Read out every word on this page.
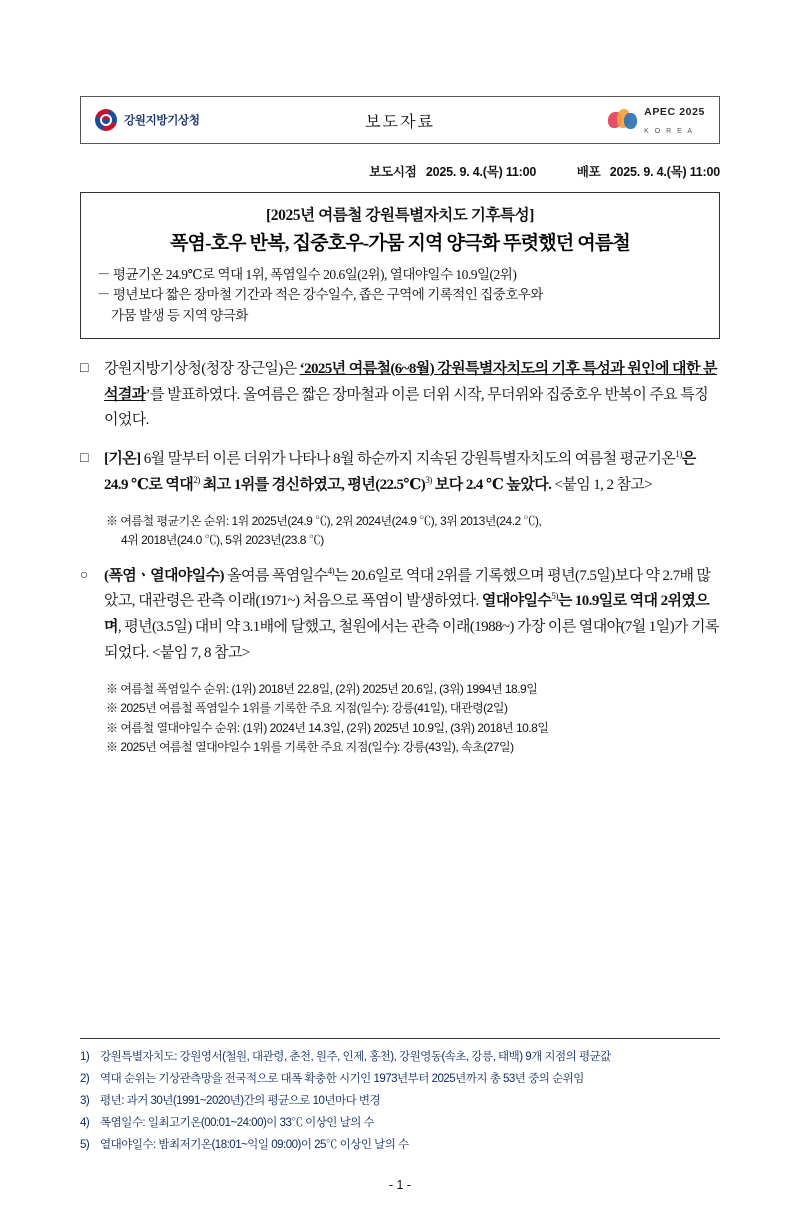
강원지방기상청	보도자료
APEC 2025
K O R E A
보도시점 2025. 9. 4.(목) 11:00	배포 2025. 9. 4.(목) 11:00
[2025년 여름철 강원특별자치도 기후특성]
폭염-호우 반복, 집중호우-가뭄 지역 양극화 뚜렷했던 여름철
－ 평균기온 24.9℃로 역대 1위, 폭염일수 20.6일(2위), 열대야일수 10.9일(2위)
－ 평년보다 짧은 장마철 기간과 적은 강수일수, 좁은 구역에 기록적인 집중호우와
가뭄 발생 등 지역 양극화
□	강원지방기상청(청장 장근일)은 ‘2025년 여름철(6~8월) 강원특별자치도의 기후 특성과 원인에 대한 분석결과’를 발표하였다. 올여름은 짧은 장마철과 이른 더위 시작, 무더위와 집중호우 반복이 주요 특징이었다.
□	[기온] 6월 말부터 이른 더위가 나타나 8월 하순까지 지속된 강원특별자치도의 여름철 평균기온$^{1)}$은 24.9 ℃로 역대$^{2)}$ 최고 1위를 경신하였고, 평년(22.5℃)$^{3)}$ 보다 2.4 ℃ 높았다. <붙임 1, 2 참고>
※ 여름철 평균기온 순위: 1위 2025년(24.9 ℃), 2위 2024년(24.9 ℃), 3위 2013년(24.2 ℃),
4위 2018년(24.0 ℃), 5위 2023년(23.8 ℃)
○	(폭염ㆍ열대야일수) 올여름 폭염일수$^{4)}$는 20.6일로 역대 2위를 기록했으며 평년(7.5일)보다 약 2.7배 많았고, 대관령은 관측 이래(1971~) 처음으로 폭염이 발생하였다. 열대야일수$^{5)}$는 10.9일로 역대 2위였으며, 평년(3.5일) 대비 약 3.1배에 달했고, 철원에서는 관측 이래(1988~) 가장 이른 열대야(7월 1일)가 기록되었다. <붙임 7, 8 참고>
※ 여름철 폭염일수 순위: (1위) 2018년 22.8일, (2위) 2025년 20.6일, (3위) 1994년 18.9일
※ 2025년 여름철 폭염일수 1위를 기록한 주요 지점(일수): 강릉(41일), 대관령(2일)
※ 여름철 열대야일수 순위: (1위) 2024년 14.3일, (2위) 2025년 10.9일, (3위) 2018년 10.8일
※ 2025년 여름철 열대야일수 1위를 기록한 주요 지점(일수): 강릉(43일), 속초(27일)
1) 강원특별자치도: 강원영서(철원, 대관령, 춘천, 원주, 인제, 홍천), 강원영동(속초, 강릉, 태백) 9개 지점의 평균값
2) 역대 순위는 기상관측망을 전국적으로 대폭 확충한 시기인 1973년부터 2025년까지 총 53년 중의 순위임
3) 평년: 과거 30년(1991~2020년)간의 평균으로 10년마다 변경
4) 폭염일수: 일최고기온(00:01~24:00)이 33℃ 이상인 날의 수
5) 열대야일수: 밤최저기온(18:01~익일 09:00)이 25℃ 이상인 날의 수
- 1 -
